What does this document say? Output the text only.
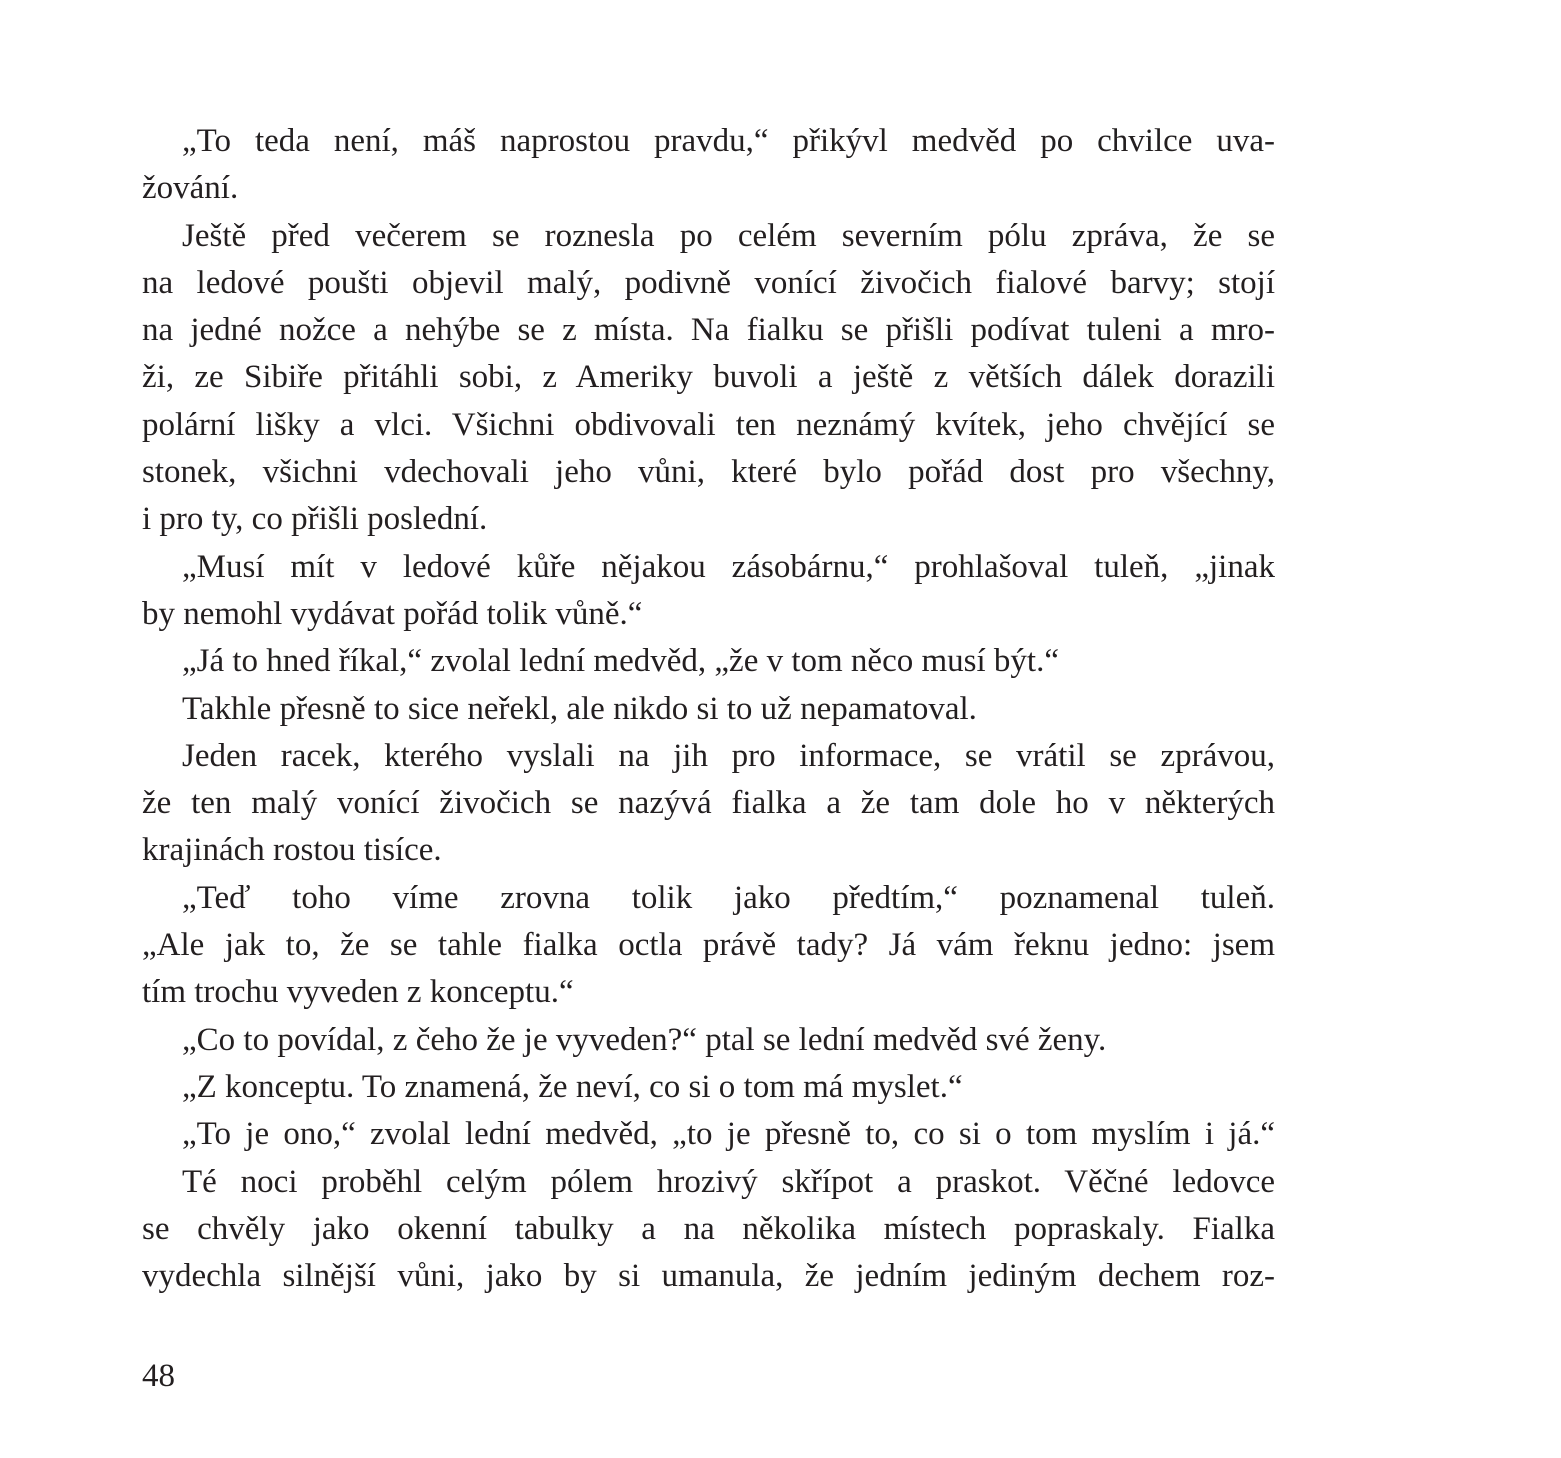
„To teda není, máš naprostou pravdu,“ přikývl medvěd po chvilce uva-
žování.
Ještě před večerem se roznesla po celém severním pólu zpráva, že se
na ledové poušti objevil malý, podivně vonící živočich fialové barvy; stojí
na jedné nožce a nehýbe se z místa. Na fialku se přišli podívat tuleni a mro-
ži, ze Sibiře přitáhli sobi, z Ameriky buvoli a ještě z větších dálek dorazili
polární lišky a vlci. Všichni obdivovali ten neznámý kvítek, jeho chvějící se
stonek, všichni vdechovali jeho vůni, které bylo pořád dost pro všechny,
i pro ty, co přišli poslední.
„Musí mít v ledové kůře nějakou zásobárnu,“ prohlašoval tuleň, „jinak
by nemohl vydávat pořád tolik vůně.“
„Já to hned říkal,“ zvolal lední medvěd, „že v tom něco musí být.“
Takhle přesně to sice neřekl, ale nikdo si to už nepamatoval.
Jeden racek, kterého vyslali na jih pro informace, se vrátil se zprávou,
že ten malý vonící živočich se nazývá fialka a že tam dole ho v některých
krajinách rostou tisíce.
„Teď toho víme zrovna tolik jako předtím,“ poznamenal tuleň.
„Ale jak to, že se tahle fialka octla právě tady? Já vám řeknu jedno: jsem
tím trochu vyveden z konceptu.“
„Co to povídal, z čeho že je vyveden?“ ptal se lední medvěd své ženy.
„Z konceptu. To znamená, že neví, co si o tom má myslet.“
„To je ono,“ zvolal lední medvěd, „to je přesně to, co si o tom myslím i já.“
Té noci proběhl celým pólem hrozivý skřípot a praskot. Věčné ledovce
se chvěly jako okenní tabulky a na několika místech popraskaly. Fialka
vydechla silnější vůni, jako by si umanula, že jedním jediným dechem roz-
48
